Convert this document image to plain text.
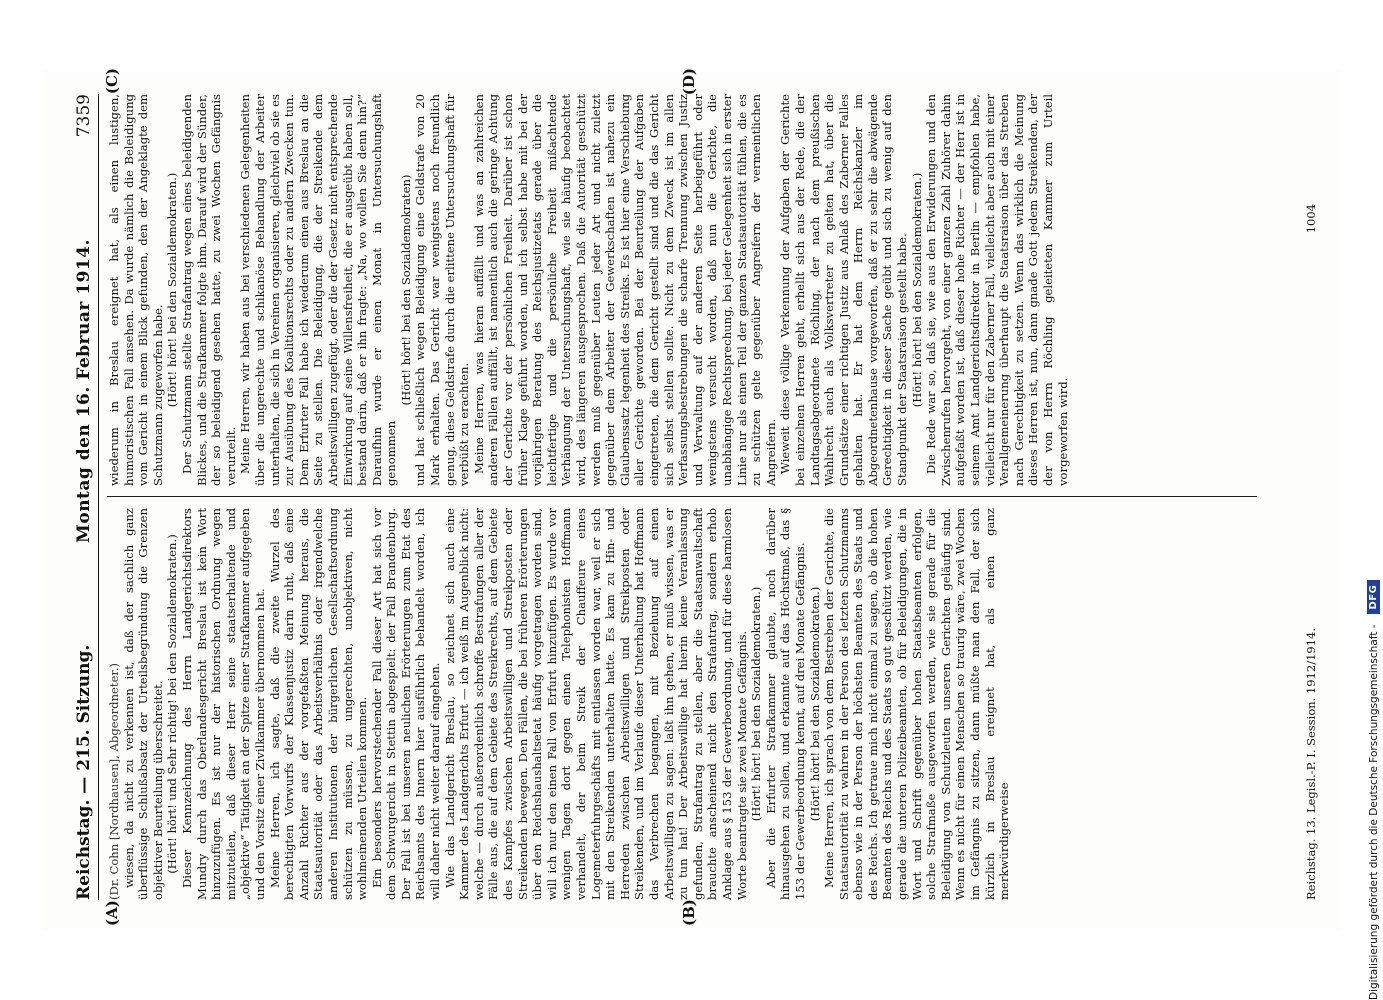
Reichstag. — 215. Sitzung.
Montag den 16. Februar 1914.
7359
(A)	(B)

(Dr. Cohn [Nordhausen], Abgeordneter.) wiesen, da nicht zu verkennen ist, daß der sachlich ganz überflüssige Schlußabsatz der Urteilsbegründung die Grenzen objektiver Beurteilung überschreitet. (Hört! hört! und Sehr richtig! bei den Sozialdemokraten.) Dieser Kennzeichnung des Herrn Landgerichtsdirektors Mundry durch das Oberlandesgericht Breslau ist kein Wort hinzuzufügen. Es ist nur der historischen Ordnung wegen mitzuteilen, daß dieser Herr seine staatserhaltende und „objektive“ Tätigkeit an der Spitze einer Strafkammer aufgegeben und den Vorsitz einer Zivilkammer übernommen hat. Meine Herren, ich sagte, daß die zweite Wurzel des berechtigten Vorwurfs der Klassenjustiz darin ruht, daß eine Anzahl Richter aus der vorgefaßten Meinung heraus, die Staatsautorität oder das Arbeitsverhältnis oder irgendwelche anderen Institutionen der bürgerlichen Gesellschaftsordnung schützen zu müssen, zu ungerechten, unobjektiven, nicht wohlmeinenden Urteilen kommen. Ein besonders hervorstechender Fall dieser Art hat sich vor dem Schwurgericht in Stettin abgespielt: der Fall Brandenburg. Der Fall ist bei unseren neulichen Erörterungen zum Etat des Reichsamts des Innern hier ausführlich behandelt worden, ich will daher nicht weiter darauf eingehen. Wie das Landgericht Breslau, so zeichnet sich auch eine Kammer des Landgerichts Erfurt — ich weiß im Augenblick nicht: welche — durch außerordentlich schroffe Bestrafungen aller der Fälle aus, die auf dem Gebiete des Streikrechts, auf dem Gebiete des Kampfes zwischen Arbeitswilligen und Streikposten oder Streikenden bewegen. Den Fällen, die bei früheren Erörterungen über den Reichshaushaltsetat häufig vorgetragen worden sind, will ich nur den einen Fall von Erfurt hinzufügen. Es wurde vor wenigen Tagen dort gegen einen Telephonisten Hoffmann verhandelt, der beim Streik der Chauffeure eines Logemeterfuhrgeschäfts mit entlassen worden war, weil er sich mit den Streikenden unterhalten hatte. Es kam zu Hin- und Herreden zwischen Arbeitswilligen und Streikposten oder Streikenden, und im Verlaufe dieser Unterhaltung hat Hoffmann das Verbrechen begangen, mit Beziehung auf einen Arbeitswilligen zu sagen: laßt ihn gehen, er muß wissen, was er zu tun hat! Der Arbeitswillige hat hierin keine Veranlassung gefunden, Strafantrag zu stellen, aber die Staatsanwaltschaft brauchte anscheinend nicht den Strafantrag, sondern erhob Anklage aus § 153 der Gewerbeordnung, und für diese harmlosen Worte beantragte sie zwei Monate Gefängnis. (Hört! hört! bei den Sozialdemokraten.) Aber die Erfurter Strafkammer glaubte, noch darüber hinausgehen zu sollen, und erkannte auf das Höchstmaß, das § 153 der Gewerbeordnung kennt, auf drei Monate Gefängnis. (Hört! hört! bei den Sozialdemokraten.) Meine Herren, ich sprach von dem Bestreben der Gerichte, die Staatsautorität zu wahren in der Person des letzten Schutzmanns ebenso wie in der Person der höchsten Beamten des Staats und des Reichs. Ich getraue mich nicht einmal zu sagen, ob die hohen Beamten des Reichs und des Staats so gut geschützt werden, wie gerade die unteren Polizeibeamten, ob für Beleidigungen, die in Wort und Schrift gegenüber hohen Staatsbeamten erfolgen, solche Strafmaße ausgeworfen werden, wie sie gerade für die Beleidigung von Schutzleuten unseren Gerichten geläufig sind. Wenn es nicht für einen Menschen so traurig wäre, zwei Wochen im Gefängnis zu sitzen, dann müßte man den Fall, der sich kürzlich in Breslau ereignet hat, als einen ganz merkwürdigerweise

(C)	(D)

wiederum in Breslau ereignet hat, als einen lustigen, humoristischen Fall ansehen. Da wurde nämlich die Beleidigung vom Gericht in einem Blick gefunden, den der Angeklagte dem Schutzmann zugeworfen habe. (Hört! hört! bei den Sozialdemokraten.) Der Schutzmann stellte Strafantrag wegen eines beleidigenden Blickes, und die Strafkammer folgte ihm. Darauf wird der Sünder, der so beleidigend gesehen hatte, zu zwei Wochen Gefängnis verurteilt. Meine Herren, wir haben aus bei verschiedenen Gelegenheiten über die ungerechte und schikanöse Behandlung der Arbeiter unterhalten, die sich in Vereinen organisieren, gleichviel ob sie es zur Ausübung des Koalitionsrechts oder zu andern Zwecken tun. Dem Erfurter Fall habe ich wiederum einen aus Breslau an die Seite zu stellen. Die Beleidigung, die der Streikende dem Arbeitswilligen zugefügt, oder die der Gesetz nicht entsprechende Einwirkung auf seine Willensfreiheit, die er ausgeübt haben soll, bestand darin, daß er ihn fragte: „Na, wo wollen Sie denn hin?“ Daraufhin wurde er einen Monat in Untersuchungshaft genommen

(Hört! hört! bei den Sozialdemokraten) und hat schließlich wegen Beleidigung eine Geldstrafe von 20 Mark erhalten. Das Gericht war wenigstens noch freundlich genug, diese Geldstrafe durch die erlittene Untersuchungshaft für verbüßt zu erachten. Meine Herren, was hieran auffällt und was an zahlreichen anderen Fällen auffällt, ist namentlich auch die geringe Achtung der Gerichte vor der persönlichen Freiheit. Darüber ist schon früher Klage geführt worden, und ich selbst habe mit bei der vorjährigen Beratung des Reichsjustizetats gerade über die leichtfertige und die persönliche Freiheit mißachtende Verhängung der Untersuchungshaft, wie sie häufig beobachtet wird, des längeren ausgesprochen. Daß die Autorität geschützt werden muß gegenüber Leuten jeder Art und nicht zuletzt gegenüber dem Arbeiter der Gewerkschaften ist nahezu ein Glaubenssatz legenheit des Streiks. Es ist hier eine Verschiebung aller Gerichte geworden. Bei der Beurteilung der Aufgaben eingetreten, die dem Gericht gestellt sind und die das Gericht sich selbst stellen sollte. Nicht zu dem Zweck ist im allen Verfassungsbestrebungen die scharfe Trennung zwischen Justiz und Verwaltung auf der anderen Seite herbeigeführt oder wenigstens versucht worden, daß nun die Gerichte, die unabhängige Rechtsprechung, bei jeder Gelegenheit sich in erster Linie nur als einen Teil der ganzen Staatsautorität fühlen, die es zu schützen gelte gegenüber Angreifern der vermeintlichen Angreifern. Wieweit diese völlige Verkennung der Aufgaben der Gerichte bei einzelnen Herren geht, erhellt sich aus der Rede, die der Landtagsabgeordnete Röchling, der nach dem preußischen Wahlrecht auch als Volksvertreter zu gelten hat, über die Grundsätze einer richtigen Justiz aus Anlaß des Zaberner Falles gehalten hat. Er hat dem Herrn Reichskanzler im Abgeordnetenhause vorgeworfen, daß er zu sehr die abwägende Gerechtigkeit in dieser Sache geübt und sich zu wenig auf den Standpunkt der Staatsraison gestellt habe. (Hört! hört! bei den Sozialdemokraten.) Die Rede war so, daß sie, wie aus den Erwiderungen und den Zwischenrufen hervorgeht, von einer ganzen Zahl Zuhörer dahin aufgefaßt worden ist, daß dieser hohe Richter — der Herr ist in seinem Amt Landgerichtsdirektor in Berlin — empfohlen habe, vielleicht nur für den Zaberner Fall, vielleicht aber auch mit einer Verallgemeinerung überhaupt die Staatsraison über das Streben nach Gerechtigkeit zu setzen. Wenn das wirklich die Meinung dieses Herren ist, nun, dann gnade Gott jedem Streikenden, der der von Herrn Röchling geleiteten Kammer zum Urteil vorgeworfen wird.

Reichstag. 13. Legisl.-P. I. Session. 1912/1914.
1004
Digitalisierung gefördert durch die Deutsche Forschungsgemeinschaft -
DFG
